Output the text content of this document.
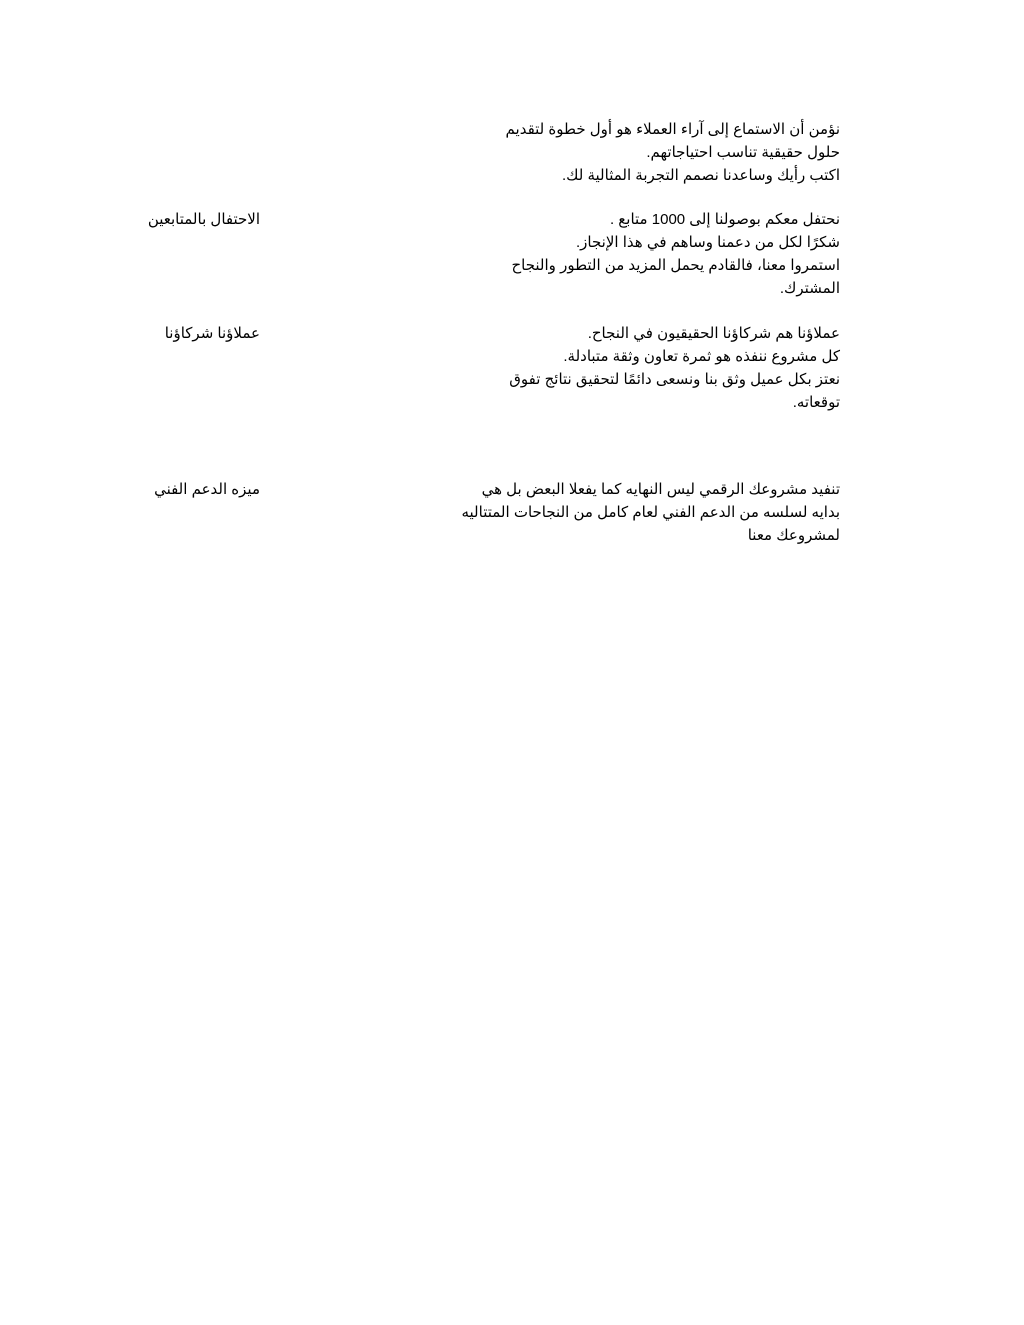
نؤمن أن الاستماع إلى آراء العملاء هو أول خطوة لتقديم
حلول حقيقية تناسب احتياجاتهم.
اكتب رأيك وساعدنا نصمم التجربة المثالية لك.
الاحتفال بالمتابعين	نحتفل معكم بوصولنا إلى 1000 متابع .
شكرًا لكل من دعمنا وساهم في هذا الإنجاز.
استمروا معنا، فالقادم يحمل المزيد من التطور والنجاح
المشترك.
عملاؤنا شركاؤنا	عملاؤنا هم شركاؤنا الحقيقيون في النجاح.
كل مشروع ننفذه هو ثمرة تعاون وثقة متبادلة.
نعتز بكل عميل وثق بنا ونسعى دائمًا لتحقيق نتائج تفوق
توقعاته.
ميزه الدعم الفني	تنفيد مشروعك الرقمي ليس النهايه كما يفعلا البعض بل هي
بدايه لسلسه من الدعم الفني لعام كامل من النجاحات المتتاليه
لمشروعك معنا
